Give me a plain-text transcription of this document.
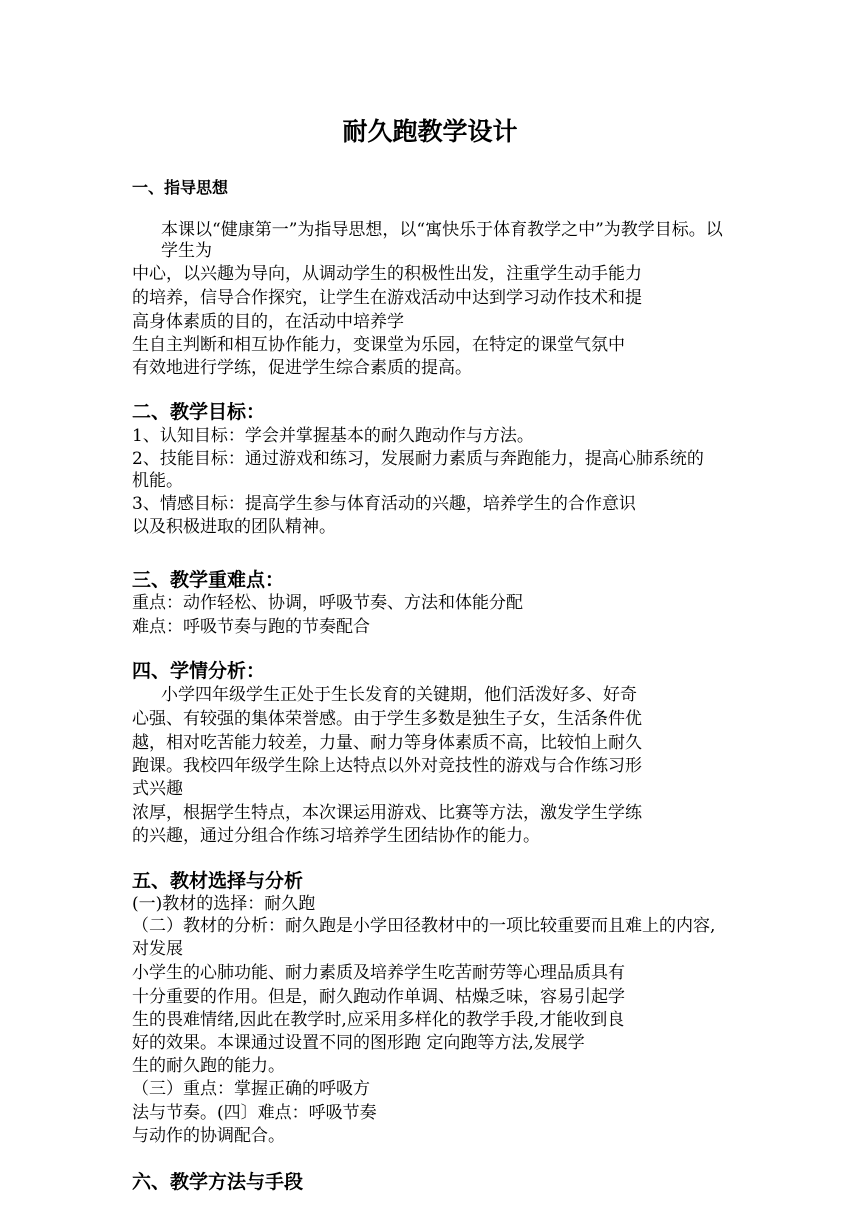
耐久跑教学设计
一、指导思想
本课以“健康第一”为指导思想，以“寓快乐于体育教学之中”为教学目标。以
学生为
中心，以兴趣为导向，从调动学生的积极性出发，注重学生动手能力
的培养，信导合作探究，让学生在游戏活动中达到学习动作技术和提
高身体素质的目的，在活动中培养学
生自主判断和相互协作能力，变课堂为乐园，在特定的课堂气氛中
有效地进行学练，促进学生综合素质的提高。
二、教学目标：
1、认知目标：学会并掌握基本的耐久跑动作与方法。
2、技能目标：通过游戏和练习，发展耐力素质与奔跑能力，提高心肺系统的
机能。
3、情感目标：提高学生参与体育活动的兴趣，培养学生的合作意识
以及积极进取的团队精神。
三、教学重难点：
重点：动作轻松、协调，呼吸节奏、方法和体能分配
难点：呼吸节奏与跑的节奏配合
四、学情分析：
小学四年级学生正处于生长发育的关键期，他们活泼好多、好奇
心强、有较强的集体荣誉感。由于学生多数是独生子女，生活条件优
越，相对吃苦能力较差，力量、耐力等身体素质不高，比较怕上耐久
跑课。我校四年级学生除上达特点以外对竞技性的游戏与合作练习形
式兴趣
浓厚，根据学生特点，本次课运用游戏、比赛等方法，激发学生学练
的兴趣，通过分组合作练习培养学生团结协作的能力。
五、教材选择与分析
(一)教材的选择：耐久跑
（二）教材的分析：耐久跑是小学田径教材中的一项比较重要而且难上的内容,
对发展
小学生的心肺功能、耐力素质及培养学生吃苦耐劳等心理品质具有
十分重要的作用。但是，耐久跑动作单调、枯燥乏味，容易引起学
生的畏难情绪,因此在教学时,应采用多样化的教学手段,才能收到良
好的效果。本课通过设置不同的图形跑 定向跑等方法,发展学
生的耐久跑的能力。
（三）重点：掌握正确的呼吸方
法与节奏。(四〕难点：呼吸节奏
与动作的协调配合。
六、教学方法与手段
